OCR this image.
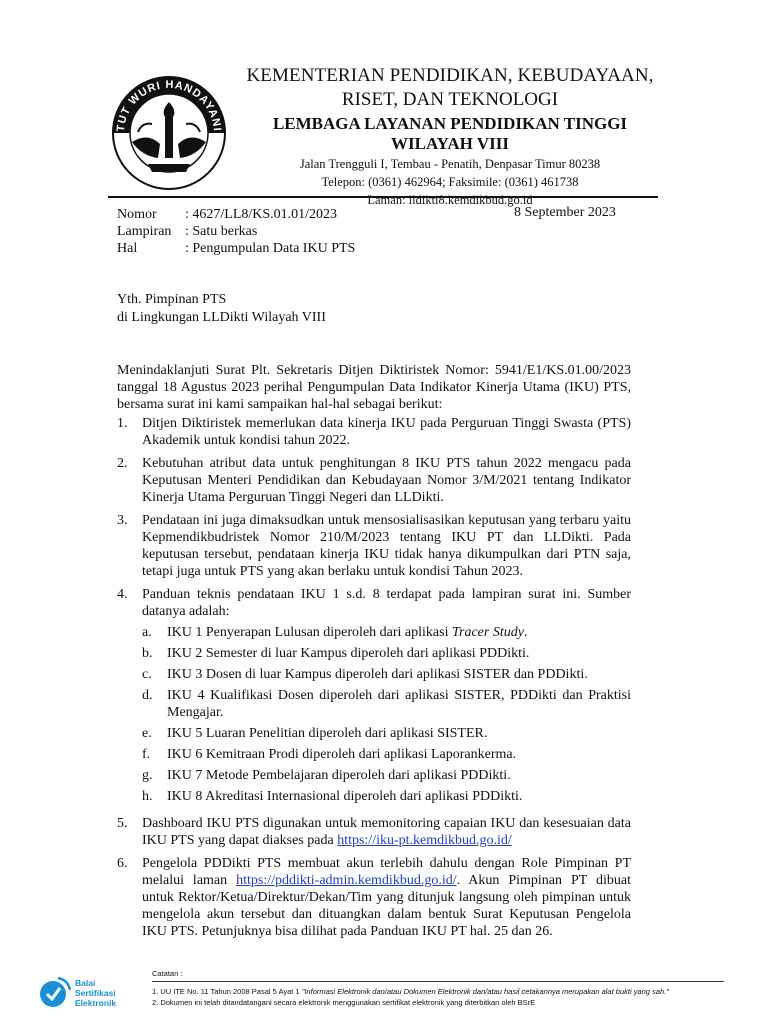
TUT WURI HANDAYANI
KEMENTERIAN PENDIDIKAN, KEBUDAYAAN,
RISET, DAN TEKNOLOGI
LEMBAGA LAYANAN PENDIDIKAN TINGGI
WILAYAH VIII
Jalan Trengguli I, Tembau - Penatih, Denpasar Timur 80238
Telepon: (0361) 462964; Faksimile: (0361) 461738
Laman: lldikti8.kemdikbud.go.id
Nomor	: 4627/LL8/KS.01.01/2023
Lampiran : Satu berkas
Hal	: Pengumpulan Data IKU PTS
8 September 2023
Yth. Pimpinan PTS
di Lingkungan LLDikti Wilayah VIII

Menindaklanjuti Surat Plt. Sekretaris Ditjen Diktiristek Nomor: 5941/E1/KS.01.00/2023 tanggal 18 Agustus 2023 perihal Pengumpulan Data Indikator Kinerja Utama (IKU) PTS, bersama surat ini kami sampaikan hal-hal sebagai berikut:

1.	Ditjen Diktiristek memerlukan data kinerja IKU pada Perguruan Tinggi Swasta (PTS) Akademik untuk kondisi tahun 2022.
2.	Kebutuhan atribut data untuk penghitungan 8 IKU PTS tahun 2022 mengacu pada Keputusan Menteri Pendidikan dan Kebudayaan Nomor 3/M/2021 tentang Indikator Kinerja Utama Perguruan Tinggi Negeri dan LLDikti.
3.	Pendataan ini juga dimaksudkan untuk mensosialisasikan keputusan yang terbaru yaitu Kepmendikbudristek Nomor 210/M/2023 tentang IKU PT dan LLDikti. Pada keputusan tersebut, pendataan kinerja IKU tidak hanya dikumpulkan dari PTN saja, tetapi juga untuk PTS yang akan berlaku untuk kondisi Tahun 2023.
4.	Panduan teknis pendataan IKU 1 s.d. 8 terdapat pada lampiran surat ini. Sumber datanya adalah:
a.	IKU 1 Penyerapan Lulusan diperoleh dari aplikasi Tracer Study.
b.	IKU 2 Semester di luar Kampus diperoleh dari aplikasi PDDikti.
c.	IKU 3 Dosen di luar Kampus diperoleh dari aplikasi SISTER dan PDDikti.
d.	IKU 4 Kualifikasi Dosen diperoleh dari aplikasi SISTER, PDDikti dan Praktisi Mengajar.
e.	IKU 5 Luaran Penelitian diperoleh dari aplikasi SISTER.
f.	IKU 6 Kemitraan Prodi diperoleh dari aplikasi Laporankerma.
g.	IKU 7 Metode Pembelajaran diperoleh dari aplikasi PDDikti.
h.	IKU 8 Akreditasi Internasional diperoleh dari aplikasi PDDikti.
5.	Dashboard IKU PTS digunakan untuk memonitoring capaian IKU dan kesesuaian data IKU PTS yang dapat diakses pada https://iku-pt.kemdikbud.go.id/
6.	Pengelola PDDikti PTS membuat akun terlebih dahulu dengan Role Pimpinan PT melalui laman https://pddikti-admin.kemdikbud.go.id/. Akun Pimpinan PT dibuat untuk Rektor/Ketua/Direktur/Dekan/Tim yang ditunjuk langsung oleh pimpinan untuk mengelola akun tersebut dan dituangkan dalam bentuk Surat Keputusan Pengelola IKU PTS. Petunjuknya bisa dilihat pada Panduan IKU PT hal. 25 dan 26.
Balai
Sertifikasi
Elektronik
Catatan :
1. UU ITE No. 11 Tahun 2008 Pasal 5 Ayat 1 "Informasi Elektronik dan/atau Dokumen Elektronik dan/atau hasil cetakannya merupakan alat bukti yang sah."
2. Dokumen ini telah ditandatangani secara elektronik menggunakan sertifikat elektronik yang diterbitkan oleh BSrE
